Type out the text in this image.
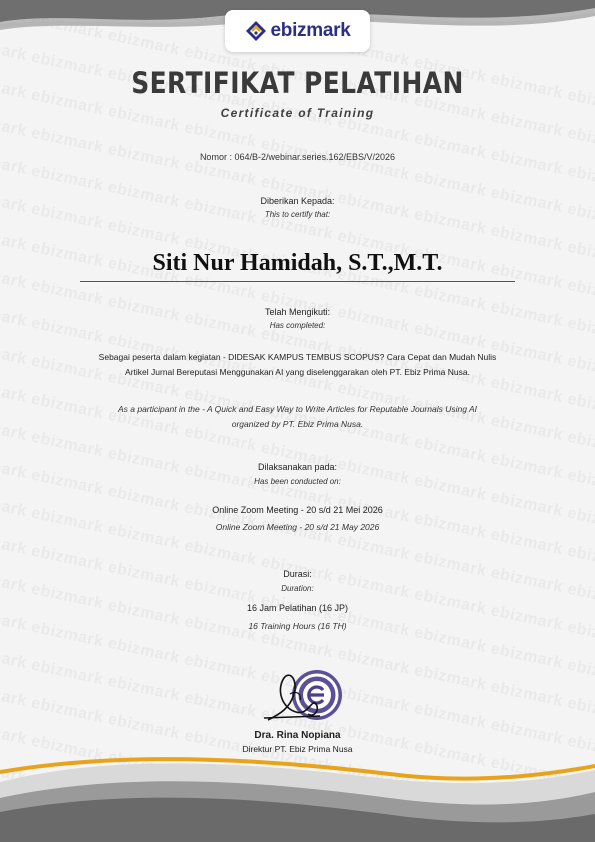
ebizmark
SERTIFIKAT PELATIHAN
Certificate of Training
Nomor : 064/B-2/webinar.series.162/EBS/V/2026
Diberikan Kepada:
This to certify that:
Siti Nur Hamidah, S.T.,M.T.
Telah Mengikuti:
Has completed:
Sebagai peserta dalam kegiatan - DIDESAK KAMPUS TEMBUS SCOPUS? Cara Cepat dan Mudah Nulis
Artikel Jurnal Bereputasi Menggunakan AI yang diselenggarakan oleh PT. Ebiz Prima Nusa.
As a participant in the - A Quick and Easy Way to Write Articles for Reputable Journals Using AI
organized by PT. Ebiz Prima Nusa.
Dilaksanakan pada:
Has been conducted on:
Online Zoom Meeting - 20 s/d 21 Mei 2026
Online Zoom Meeting - 20 s/d 21 May 2026
Durasi:
Duration:
16 Jam Pelatihan (16 JP)
16 Training Hours (16 TH)
Dra. Rina Nopiana
Direktur PT. Ebiz Prima Nusa
